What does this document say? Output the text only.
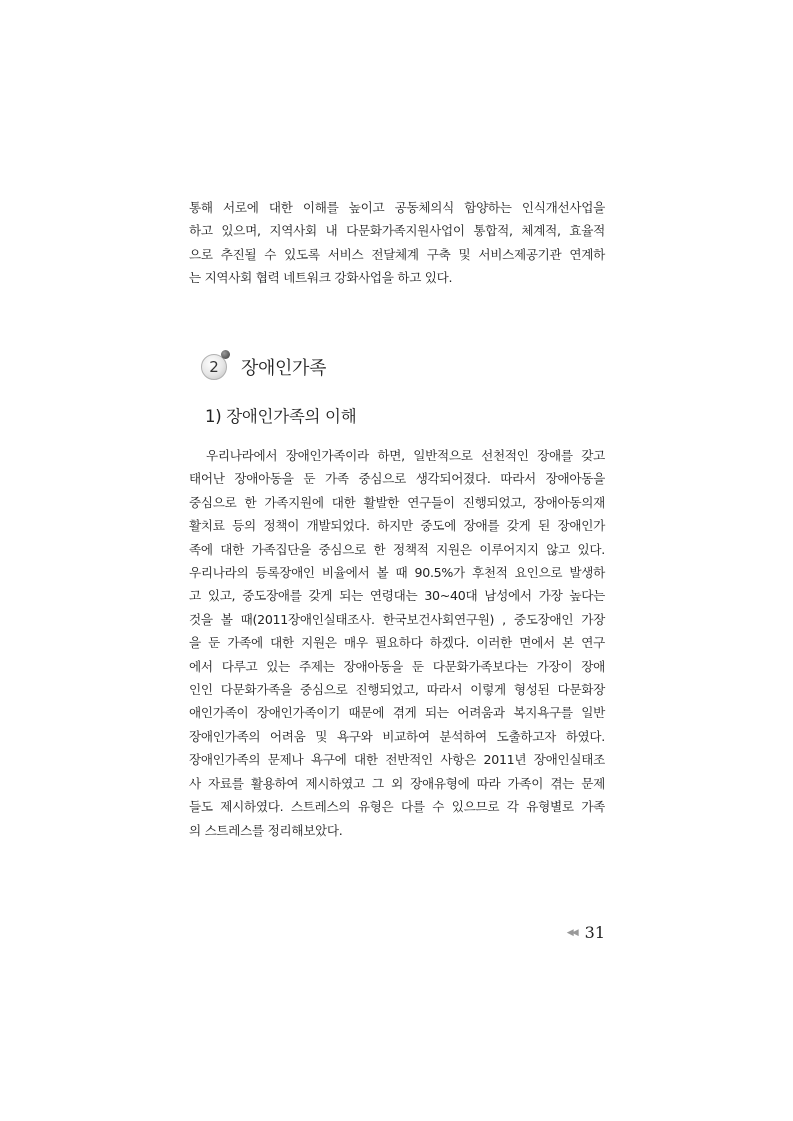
통해 서로에 대한 이해를 높이고 공동체의식 함양하는 인식개선사업을
하고 있으며, 지역사회 내 다문화가족지원사업이 통합적, 체계적, 효율적
으로 추진될 수 있도록 서비스 전달체계 구축 및 서비스제공기관 연계하
는 지역사회 협력 네트워크 강화사업을 하고 있다.
2 장애인가족
1) 장애인가족의 이해
우리나라에서 장애인가족이라 하면, 일반적으로 선천적인 장애를 갖고
태어난 장애아동을 둔 가족 중심으로 생각되어졌다. 따라서 장애아동을
중심으로 한 가족지원에 대한 활발한 연구들이 진행되었고, 장애아동의재
활치료 등의 정책이 개발되었다. 하지만 중도에 장애를 갖게 된 장애인가
족에 대한 가족집단을 중심으로 한 정책적 지원은 이루어지지 않고 있다.
우리나라의 등록장애인 비율에서 볼 때 90.5%가 후천적 요인으로 발생하
고 있고, 중도장애를 갖게 되는 연령대는 30~40대 남성에서 가장 높다는
것을 볼 때(2011장애인실태조사. 한국보건사회연구원) , 중도장애인 가장
을 둔 가족에 대한 지원은 매우 필요하다 하겠다. 이러한 면에서 본 연구
에서 다루고 있는 주제는 장애아동을 둔 다문화가족보다는 가장이 장애
인인 다문화가족을 중심으로 진행되었고, 따라서 이렇게 형성된 다문화장
애인가족이 장애인가족이기 때문에 겪게 되는 어려움과 복지욕구를 일반
장애인가족의 어려움 및 욕구와 비교하여 분석하여 도출하고자 하였다.
장애인가족의 문제나 욕구에 대한 전반적인 사항은 2011년 장애인실태조
사 자료를 활용하여 제시하였고 그 외 장애유형에 따라 가족이 겪는 문제
들도 제시하였다. 스트레스의 유형은 다를 수 있으므로 각 유형별로 가족
의 스트레스를 정리해보았다.
◀◀ 31
